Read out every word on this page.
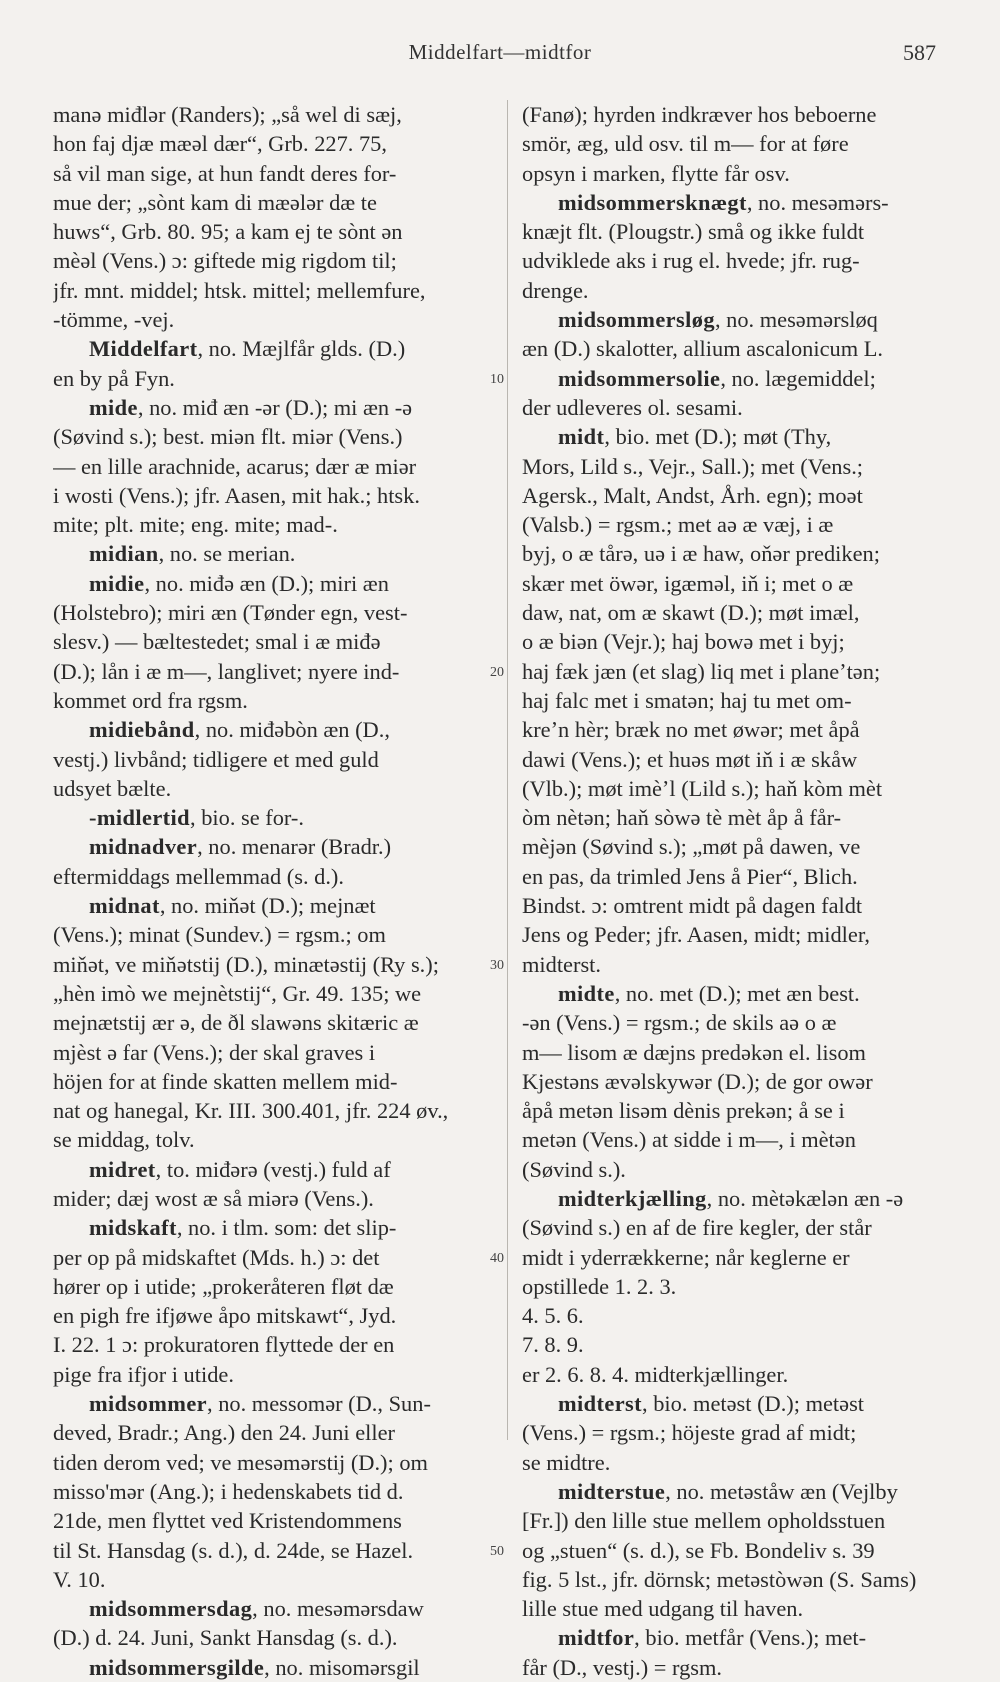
Middelfart—midtfor	587
manə miđlər (Randers); „så wel di sæj,
hon faj djæ mæəl dær“, Grb. 227. 75,
så vil man sige, at hun fandt deres for-
mue der; „sònt kam di mæələr dæ te
huws“, Grb. 80. 95; a kam ej te sònt ən
mèəl (Vens.) ɔ: giftede mig rigdom til;
jfr. mnt. middel; htsk. mittel; mellemfure,
-tömme, -vej.
Middelfart, no. Mæjlfår glds. (D.)
en by på Fyn.
mide, no. miđ æn -ər (D.); mi æn -ə
(Søvind s.); best. miən flt. miər (Vens.)
— en lille arachnide, acarus; dær æ miər
i wosti (Vens.); jfr. Aasen, mit hak.; htsk.
mite; plt. mite; eng. mite; mad-.
midian, no. se merian.
midie, no. miđə æn (D.); miri æn
(Holstebro); miri æn (Tønder egn, vest-
slesv.) — bæltestedet; smal i æ miđə
(D.); lån i æ m—, langlivet; nyere ind-
kommet ord fra rgsm.
midiebånd, no. miđəbòn æn (D.,
vestj.) livbånd; tidligere et med guld
udsyet bælte.
-midlertid, bio. se for-.
midnadver, no. menarər (Bradr.)
eftermiddags mellemmad (s. d.).
midnat, no. miňət (D.); mejnæt
(Vens.); minat (Sundev.) = rgsm.; om
miňət, ve miňətstij (D.), minætəstij (Ry s.);
„hèn imò we mejnètstij“, Gr. 49. 135; we
mejnætstij ær ə, de ðl slawəns skitæric æ
mjèst ə far (Vens.); der skal graves i
höjen for at finde skatten mellem mid-
nat og hanegal, Kr. III. 300.401, jfr. 224 øv.,
se middag, tolv.
midret, to. miđərə (vestj.) fuld af
mider; dæj wost æ så miərə (Vens.).
midskaft, no. i tlm. som: det slip-
per op på midskaftet (Mds. h.) ɔ: det
hører op i utide; „prokeråteren fløt dæ
en pigh fre ifjøwe åpo mitskawt“, Jyd.
I. 22. 1 ɔ: prokuratoren flyttede der en
pige fra ifjor i utide.
midsommer, no. messomər (D., Sun-
deved, Bradr.; Ang.) den 24. Juni eller
tiden derom ved; ve mesəmərstij (D.); om
misso'mər (Ang.); i hedenskabets tid d.
21de, men flyttet ved Kristendommens
til St. Hansdag (s. d.), d. 24de, se Hazel.
V. 10.
midsommersdag, no. mesəmərsdaw
(D.) d. 24. Juni, Sankt Hansdag (s. d.).
midsommersgilde, no. misomərsgil
(Fanø); hyrden indkræver hos beboerne
smör, æg, uld osv. til m— for at føre
opsyn i marken, flytte får osv.
midsommersknægt, no. mesəmərs-
knæjt flt. (Plougstr.) små og ikke fuldt
udviklede aks i rug el. hvede; jfr. rug-
drenge.
midsommersløg, no. mesəmərsløq
æn (D.) skalotter, allium ascalonicum L.
midsommersolie, no. lægemiddel;
der udleveres ol. sesami.
midt, bio. met (D.); møt (Thy,
Mors, Lild s., Vejr., Sall.); met (Vens.;
Agersk., Malt, Andst, Årh. egn); moət
(Valsb.) = rgsm.; met aə æ væj, i æ
byj, o æ tårə, uə i æ haw, oňər prediken;
skær met öwər, igæməl, iň i; met o æ
daw, nat, om æ skawt (D.); møt imæl,
o æ biən (Vejr.); haj bowə met i byj;
haj fæk jæn (et slag) liq met i planeʼtən;
haj falc met i smatən; haj tu met om-
kreʼn hèr; bræk no met øwər; met åpå
dawi (Vens.); et huəs møt iň i æ skåw
(Vlb.); møt imèʼl (Lild s.); haň kòm mèt
òm nètən; haň sòwə tè mèt åp å får-
mèjən (Søvind s.); „møt på dawen, ve
en pas, da trimled Jens å Pier“, Blich.
Bindst. ɔ: omtrent midt på dagen faldt
Jens og Peder; jfr. Aasen, midt; midler,
midterst.
midte, no. met (D.); met æn best.
-ən (Vens.) = rgsm.; de skils aə o æ
m— lisom æ dæjns predəkən el. lisom
Kjestəns ævəlskywər (D.); de gor owər
åpå metən lisəm dènis prekən; å se i
metən (Vens.) at sidde i m—, i mètən
(Søvind s.).
midterkjælling, no. mètəkælən æn -ə
(Søvind s.) en af de fire kegler, der står
midt i yderrækkerne; når keglerne er
opstillede 1. 2. 3.
4. 5. 6.
7. 8. 9.
er 2. 6. 8. 4. midterkjællinger.
midterst, bio. metəst (D.); metəst
(Vens.) = rgsm.; höjeste grad af midt;
se midtre.
midterstue, no. metəståw æn (Vejlby
[Fr.]) den lille stue mellem opholdsstuen
og „stuen“ (s. d.), se Fb. Bondeliv s. 39
fig. 5 lst., jfr. dörnsk; metəstòwən (S. Sams)
lille stue med udgang til haven.
midtfor, bio. metfår (Vens.); met-
får (D., vestj.) = rgsm.
10
20
30
40
50
